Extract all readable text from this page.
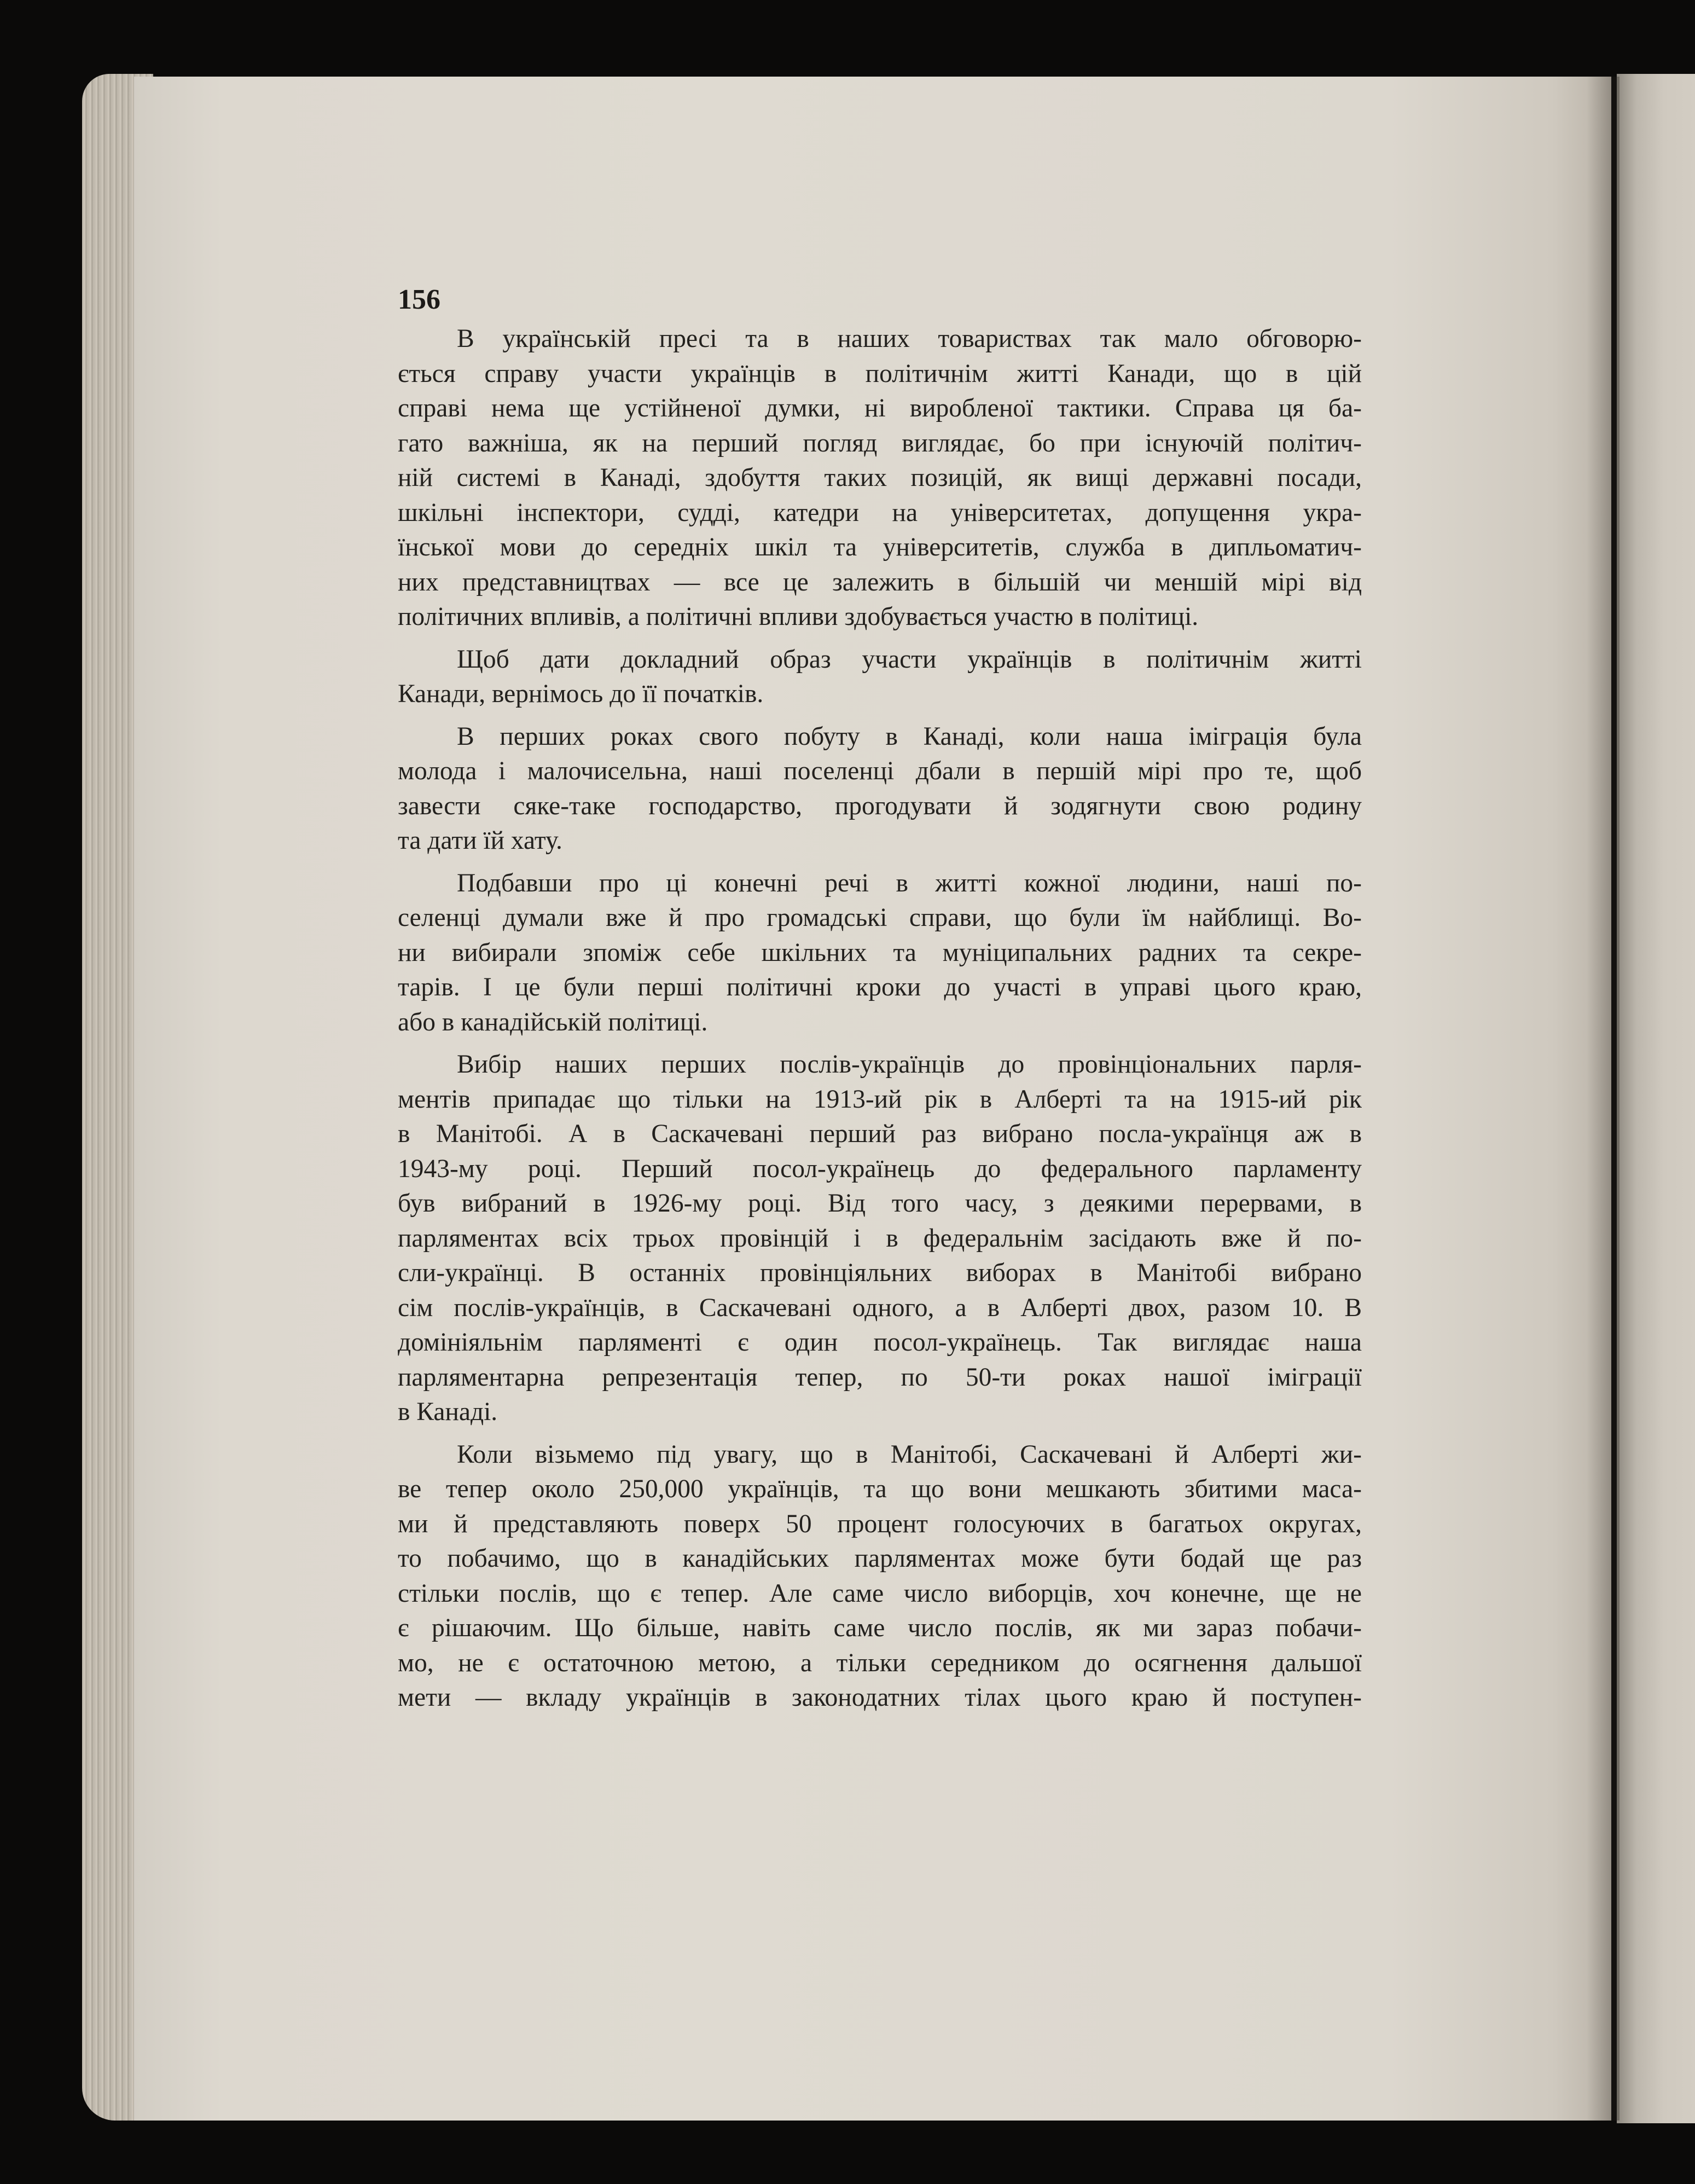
156

В українській пресі та в наших товариствах так мало обговорю-
ється справу участи українців в політичнім житті Канади, що в цій
справі нема ще устійненої думки, ні виробленої тактики. Справа ця ба-
гато важніша, як на перший погляд виглядає, бо при існуючій політич-
ній системі в Канаді, здобуття таких позицій, як вищі державні посади,
шкільні інспектори, судді, катедри на університетах, допущення укра-
їнської мови до середніх шкіл та університетів, служба в дипльоматич-
них представництвах — все це залежить в більшій чи меншій мірі від
політичних впливів, а політичні впливи здобувається участю в політиці.
Щоб дати докладний образ участи українців в політичнім житті
Канади, вернімось до її початків.
В перших роках свого побуту в Канаді, коли наша іміграція була
молода і малочисельна, наші поселенці дбали в першій мірі про те, щоб
завести сяке-таке господарство, прогодувати й зодягнути свою родину
та дати їй хату.
Подбавши про ці конечні речі в житті кожної людини, наші по-
селенці думали вже й про громадські справи, що були їм найблищі. Во-
ни вибирали зпоміж себе шкільних та муніципальних радних та секре-
тарів. І це були перші політичні кроки до участі в управі цього краю,
або в канадійській політиці.
Вибір наших перших послів-українців до провінціональних парля-
ментів припадає що тільки на 1913-ий рік в Алберті та на 1915-ий рік
в Манітобі. А в Саскачевані перший раз вибрано посла-українця аж в
1943-му році. Перший посол-українець до федерального парламенту
був вибраний в 1926-му році. Від того часу, з деякими перервами, в
парляментах всіх трьох провінцій і в федеральнім засідають вже й по-
сли-українці. В останніх провінціяльних виборах в Манітобі вибрано
сім послів-українців, в Саскачевані одного, а в Алберті двох, разом 10. В
домініяльнім парляменті є один посол-українець. Так виглядає наша
парляментарна репрезентація тепер, по 50-ти роках нашої іміграції
в Канаді.
Коли візьмемо під увагу, що в Манітобі, Саскачевані й Алберті жи-
ве тепер около 250,000 українців, та що вони мешкають збитими маса-
ми й представляють поверх 50 процент голосуючих в багатьох округах,
то побачимо, що в канадійських парляментах може бути бодай ще раз
стільки послів, що є тепер. Але саме число виборців, хоч конечне, ще не
є рішаючим. Що більше, навіть саме число послів, як ми зараз побачи-
мо, не є остаточною метою, а тільки середником до осягнення дальшої
мети — вкладу українців в законодатних тілах цього краю й поступен-
